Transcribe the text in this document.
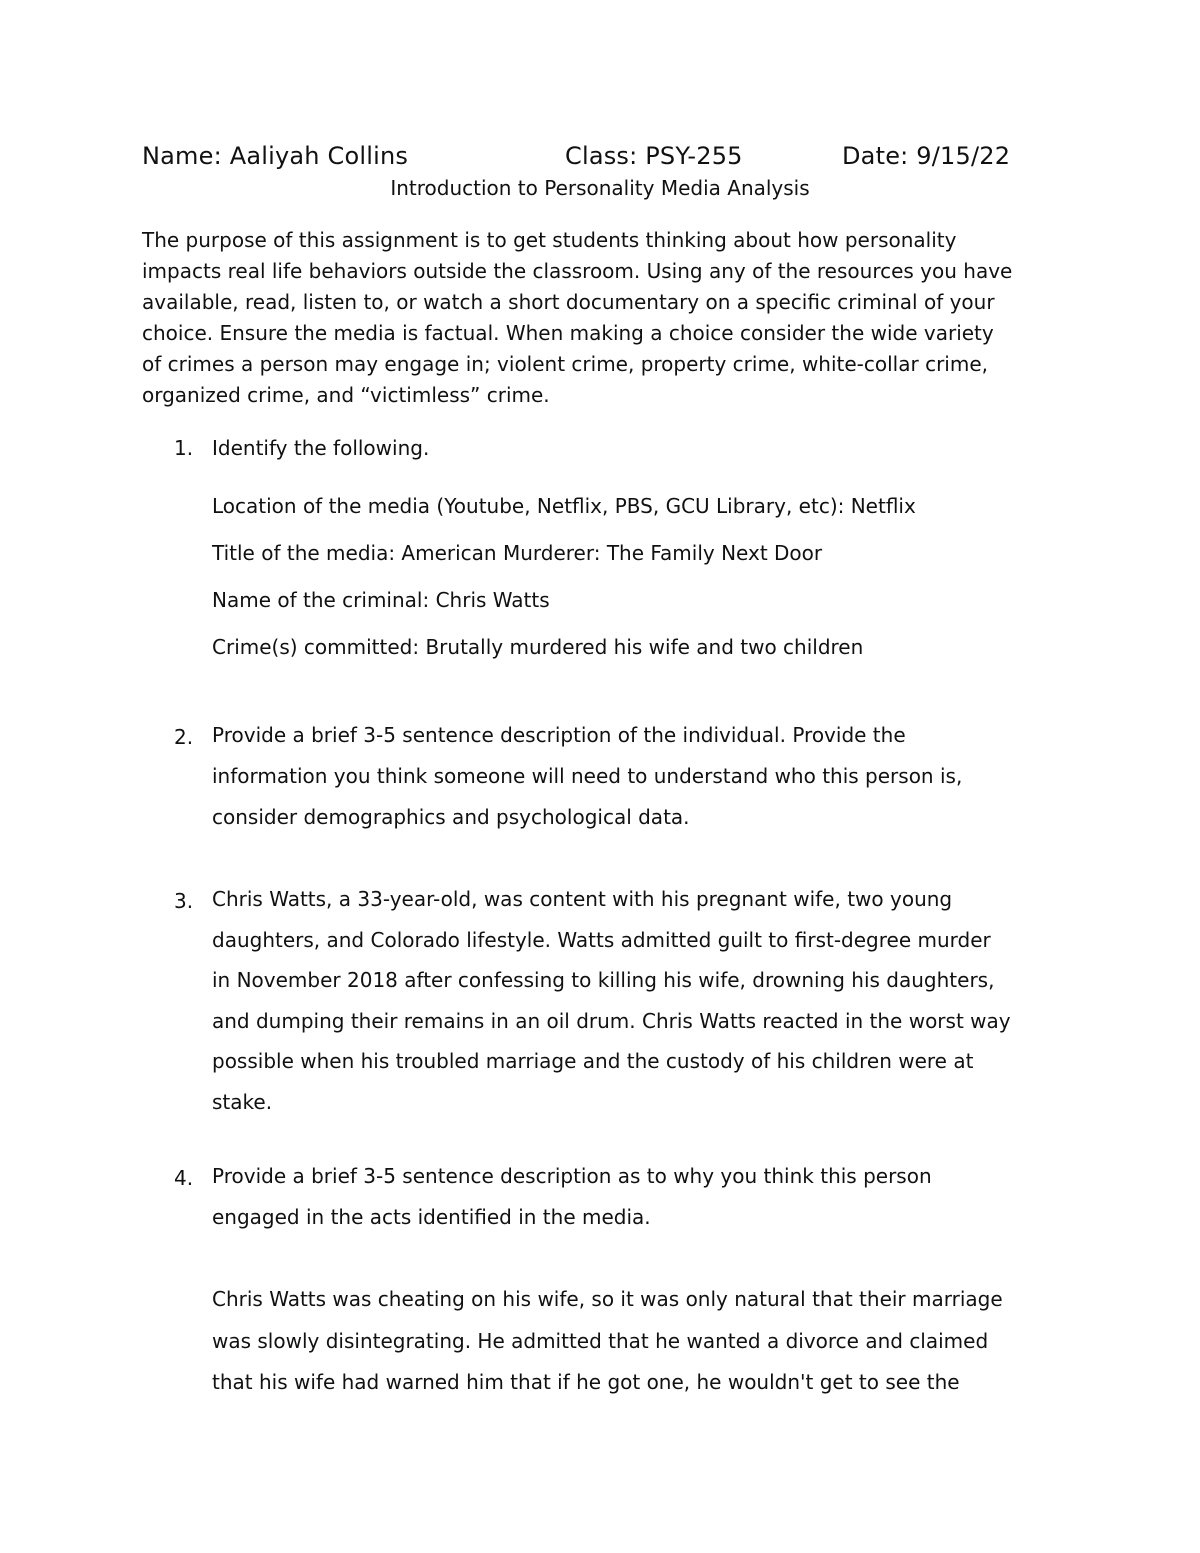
Name: Aaliyah Collins	Class: PSY-255	Date: 9/15/22
Introduction to Personality Media Analysis
The purpose of this assignment is to get students thinking about how personality
impacts real life behaviors outside the classroom. Using any of the resources you have
available, read, listen to, or watch a short documentary on a specific criminal of your
choice. Ensure the media is factual. When making a choice consider the wide variety
of crimes a person may engage in; violent crime, property crime, white-collar crime,
organized crime, and “victimless” crime.
1. Identify the following.
Location of the media (Youtube, Netflix, PBS, GCU Library, etc): Netflix
Title of the media: American Murderer: The Family Next Door
Name of the criminal: Chris Watts
Crime(s) committed: Brutally murdered his wife and two children
2. Provide a brief 3-5 sentence description of the individual. Provide the
information you think someone will need to understand who this person is,
consider demographics and psychological data.
3. Chris Watts, a 33-year-old, was content with his pregnant wife, two young
daughters, and Colorado lifestyle. Watts admitted guilt to first-degree murder
in November 2018 after confessing to killing his wife, drowning his daughters,
and dumping their remains in an oil drum. Chris Watts reacted in the worst way
possible when his troubled marriage and the custody of his children were at
stake.
4. Provide a brief 3-5 sentence description as to why you think this person
engaged in the acts identified in the media.
Chris Watts was cheating on his wife, so it was only natural that their marriage
was slowly disintegrating. He admitted that he wanted a divorce and claimed
that his wife had warned him that if he got one, he wouldn't get to see the
